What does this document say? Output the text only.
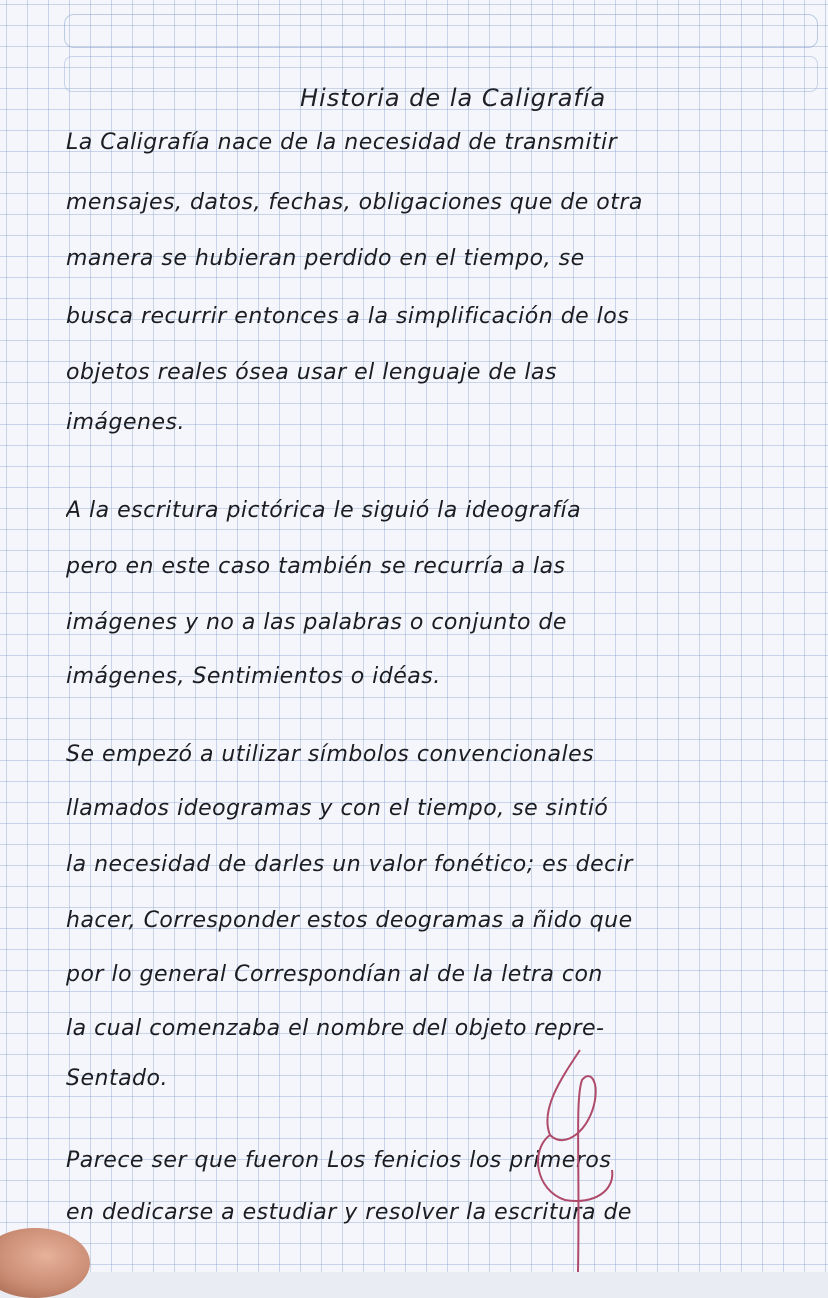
Historia de la Caligrafía
La Caligrafía nace de la necesidad de transmitir
mensajes, datos, fechas, obligaciones que de otra
manera se hubieran perdido en el tiempo, se
busca recurrir entonces a la simplificación de los
objetos reales ósea usar el lenguaje de las
imágenes.
A la escritura pictórica le siguió la ideografía
pero en este caso también se recurría a las
imágenes y no a las palabras o conjunto de
imágenes, Sentimientos o idéas.
Se empezó a utilizar símbolos convencionales
llamados ideogramas y con el tiempo, se sintió
la necesidad de darles un valor fonético; es decir
hacer, Corresponder estos deogramas a ñido que
por lo general Correspondían al de la letra con
la cual comenzaba el nombre del objeto repre-
Sentado.
Parece ser que fueron Los fenicios los primeros
en dedicarse a estudiar y resolver la escritura de
